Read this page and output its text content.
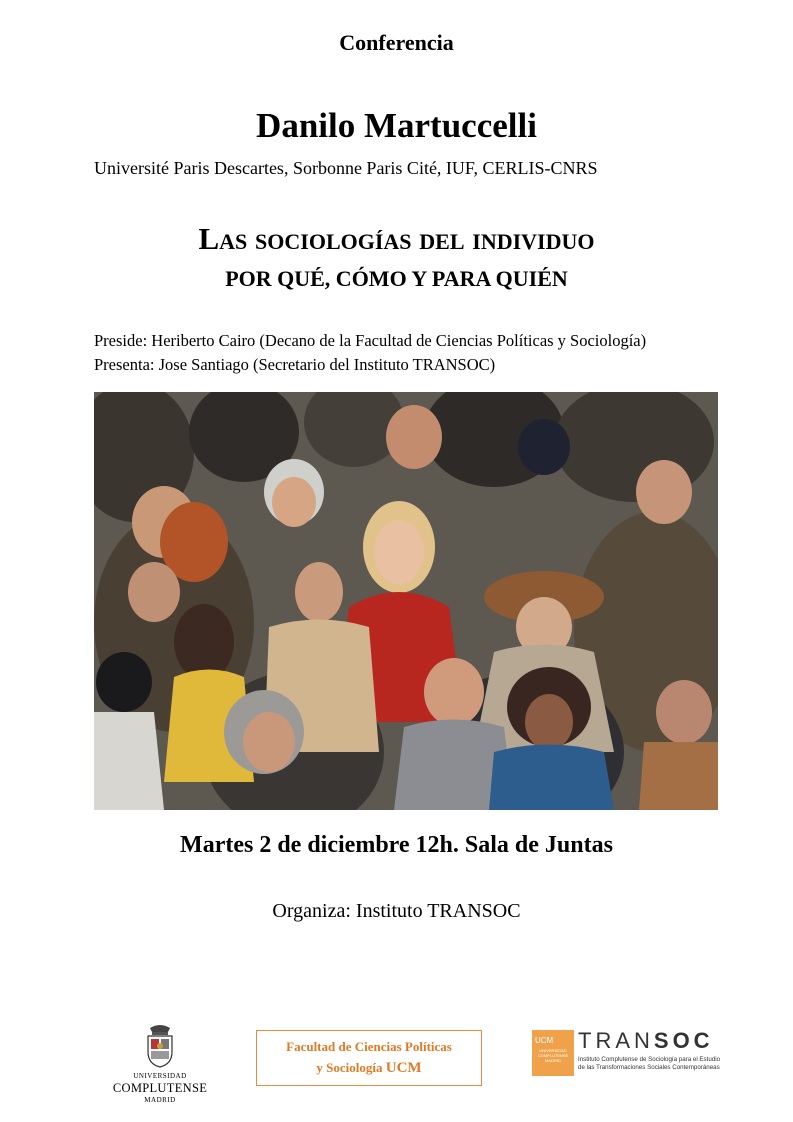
Conferencia
Danilo Martuccelli
Université Paris Descartes, Sorbonne Paris Cité, IUF, CERLIS-CNRS
Las sociologías del individuo
POR QUÉ, CÓMO Y PARA QUIÉN
Preside: Heriberto Cairo (Decano de la Facultad de Ciencias Políticas y Sociología)
Presenta: Jose Santiago (Secretario del Instituto TRANSOC)
Martes 2 de diciembre 12h. Sala de Juntas
Organiza: Instituto TRANSOC
UNIVERSIDAD
COMPLUTENSE
MADRID
Facultad de Ciencias Políticas
y Sociología UCM
UCM
UNIVERSIDAD COMPLUTENSE MADRID
TRANSOC
Instituto Complutense de Sociología para el Estudio
de las Transformaciones Sociales Contemporáneas
